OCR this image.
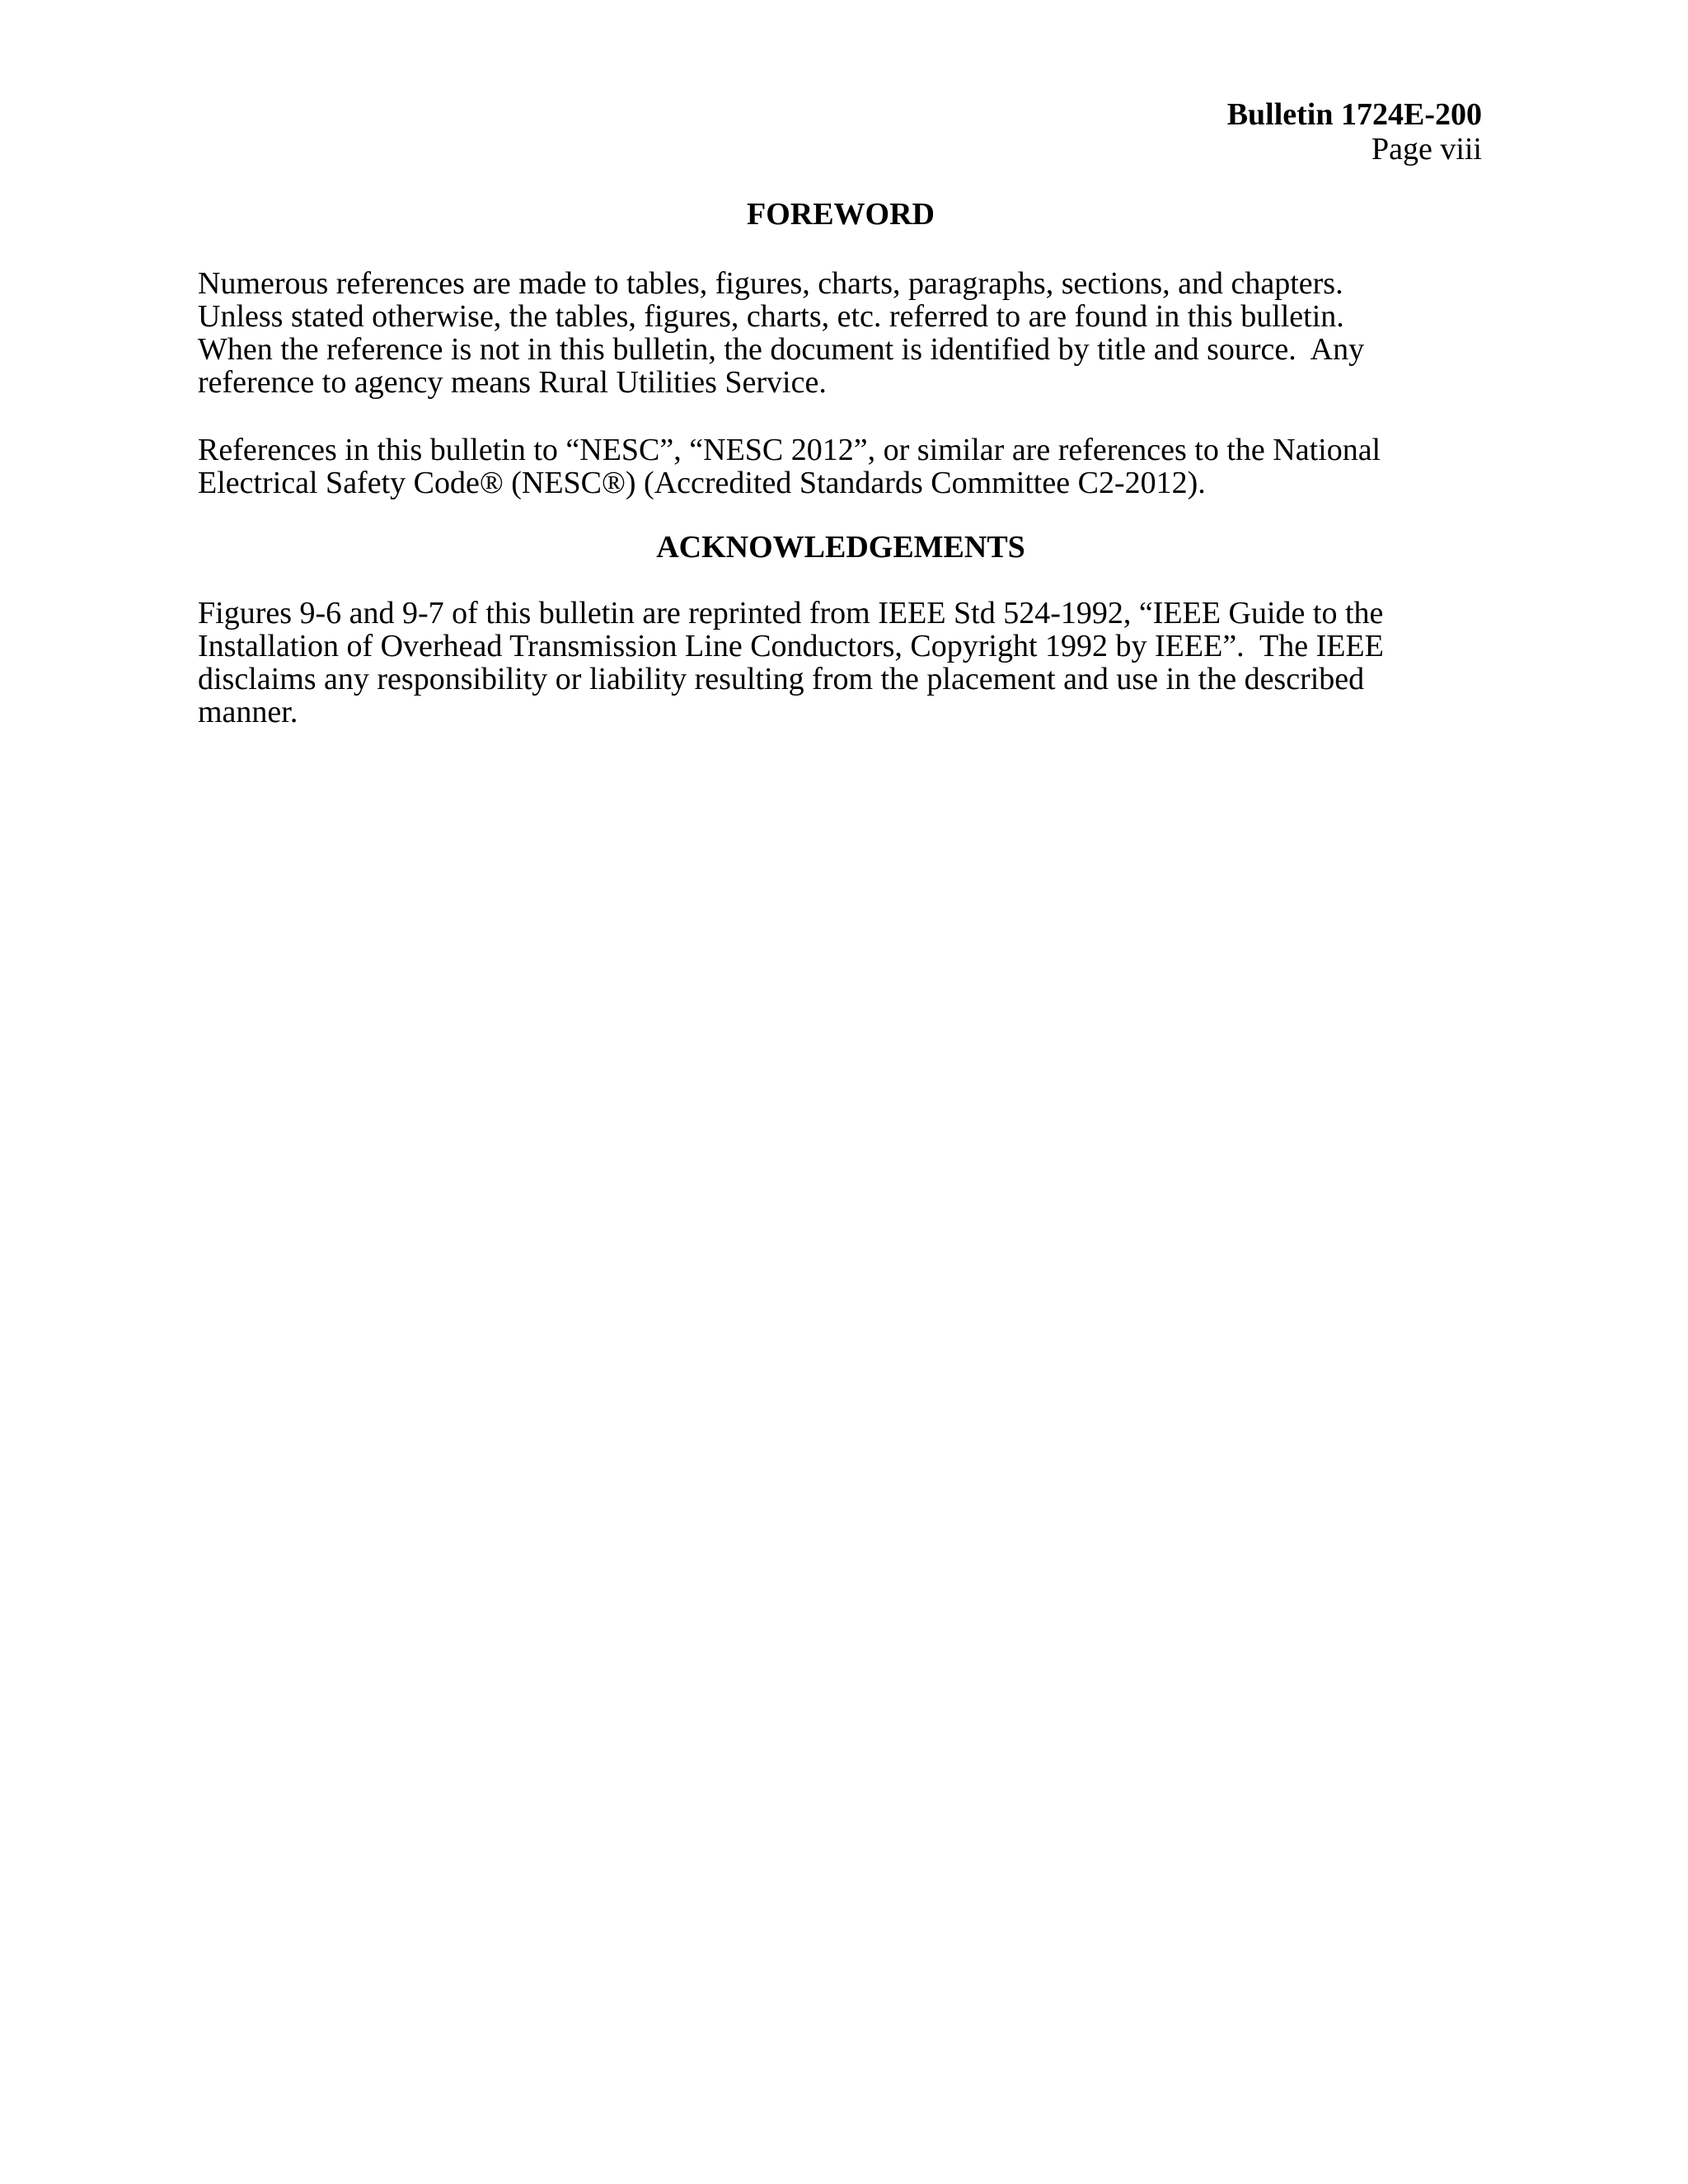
Bulletin 1724E-200
Page viii
FOREWORD

Numerous references are made to tables, figures, charts, paragraphs, sections, and chapters.
Unless stated otherwise, the tables, figures, charts, etc. referred to are found in this bulletin.
When the reference is not in this bulletin, the document is identified by title and source.  Any
reference to agency means Rural Utilities Service.

References in this bulletin to “NESC”, “NESC 2012”, or similar are references to the National
Electrical Safety Code® (NESC®) (Accredited Standards Committee C2-2012).

ACKNOWLEDGEMENTS

Figures 9-6 and 9-7 of this bulletin are reprinted from IEEE Std 524-1992, “IEEE Guide to the
Installation of Overhead Transmission Line Conductors, Copyright 1992 by IEEE”.  The IEEE
disclaims any responsibility or liability resulting from the placement and use in the described
manner.
